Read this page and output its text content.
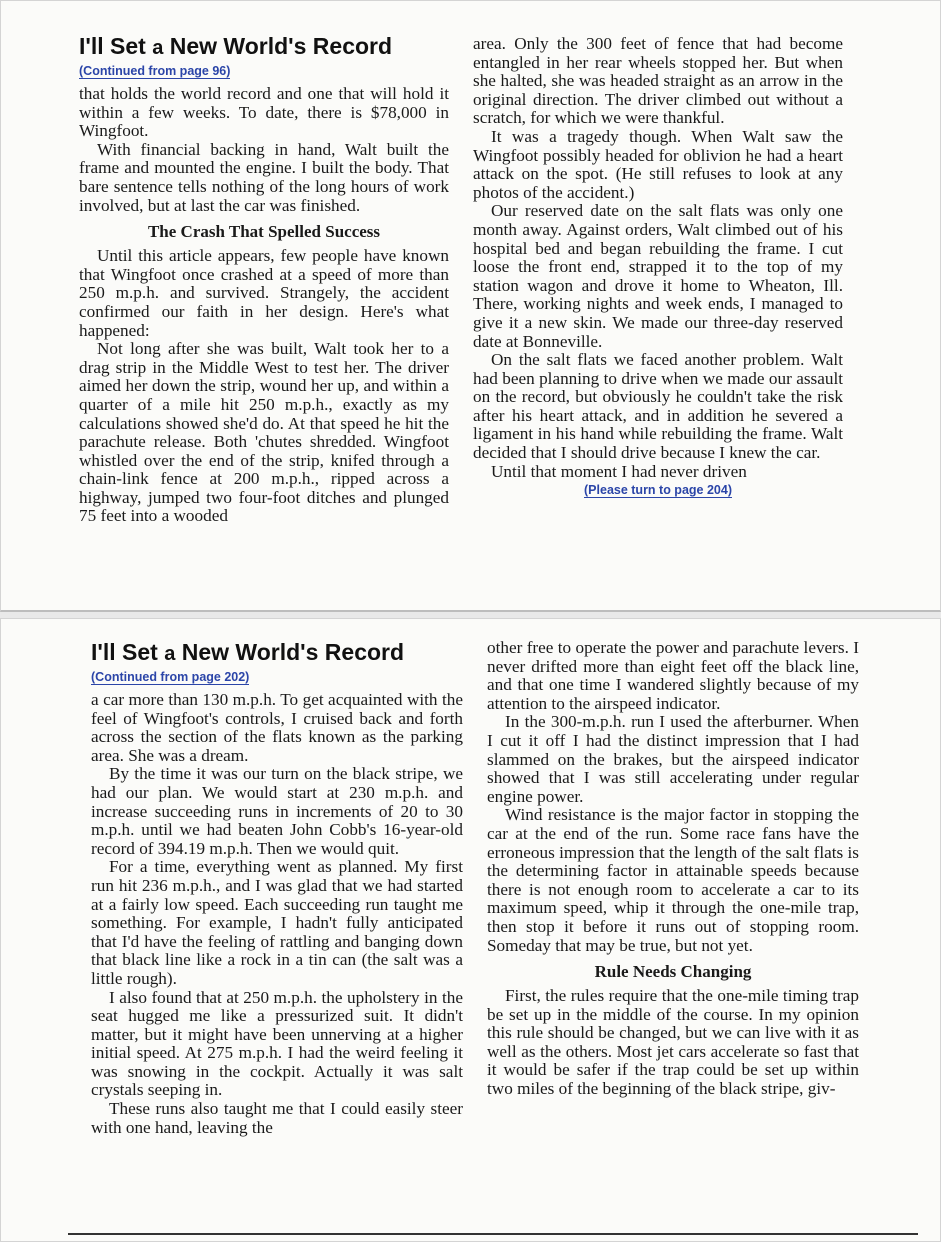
I'll Set a New World's Record
(Continued from page 96)

that holds the world record and one that will hold it within a few weeks. To date, there is $78,000 in Wingfoot.

With financial backing in hand, Walt built the frame and mounted the engine. I built the body. That bare sentence tells nothing of the long hours of work involved, but at last the car was finished.

The Crash That Spelled Success

Until this article appears, few people have known that Wingfoot once crashed at a speed of more than 250 m.p.h. and survived. Strangely, the accident confirmed our faith in her design. Here's what happened:

Not long after she was built, Walt took her to a drag strip in the Middle West to test her. The driver aimed her down the strip, wound her up, and within a quarter of a mile hit 250 m.p.h., exactly as my calculations showed she'd do. At that speed he hit the parachute release. Both 'chutes shredded. Wingfoot whistled over the end of the strip, knifed through a chain-link fence at 200 m.p.h., ripped across a highway, jumped two four-foot ditches and plunged 75 feet into a wooded

area. Only the 300 feet of fence that had become entangled in her rear wheels stopped her. But when she halted, she was headed straight as an arrow in the original direction. The driver climbed out without a scratch, for which we were thankful.

It was a tragedy though. When Walt saw the Wingfoot possibly headed for oblivion he had a heart attack on the spot. (He still refuses to look at any photos of the accident.)

Our reserved date on the salt flats was only one month away. Against orders, Walt climbed out of his hospital bed and began rebuilding the frame. I cut loose the front end, strapped it to the top of my station wagon and drove it home to Wheaton, Ill. There, working nights and week ends, I managed to give it a new skin. We made our three-day reserved date at Bonneville.

On the salt flats we faced another problem. Walt had been planning to drive when we made our assault on the record, but obviously he couldn't take the risk after his heart attack, and in addition he severed a ligament in his hand while rebuilding the frame. Walt decided that I should drive because I knew the car.

Until that moment I had never driven

(Please turn to page 204)
I'll Set a New World's Record
(Continued from page 202)

a car more than 130 m.p.h. To get acquainted with the feel of Wingfoot's controls, I cruised back and forth across the section of the flats known as the parking area. She was a dream.

By the time it was our turn on the black stripe, we had our plan. We would start at 230 m.p.h. and increase succeeding runs in increments of 20 to 30 m.p.h. until we had beaten John Cobb's 16-year-old record of 394.19 m.p.h. Then we would quit.

For a time, everything went as planned. My first run hit 236 m.p.h., and I was glad that we had started at a fairly low speed. Each succeeding run taught me something. For example, I hadn't fully anticipated that I'd have the feeling of rattling and banging down that black line like a rock in a tin can (the salt was a little rough).

I also found that at 250 m.p.h. the upholstery in the seat hugged me like a pressurized suit. It didn't matter, but it might have been unnerving at a higher initial speed. At 275 m.p.h. I had the weird feeling it was snowing in the cockpit. Actually it was salt crystals seeping in.

These runs also taught me that I could easily steer with one hand, leaving the

other free to operate the power and parachute levers. I never drifted more than eight feet off the black line, and that one time I wandered slightly because of my attention to the airspeed indicator.

In the 300-m.p.h. run I used the afterburner. When I cut it off I had the distinct impression that I had slammed on the brakes, but the airspeed indicator showed that I was still accelerating under regular engine power.

Wind resistance is the major factor in stopping the car at the end of the run. Some race fans have the erroneous impression that the length of the salt flats is the determining factor in attainable speeds because there is not enough room to accelerate a car to its maximum speed, whip it through the one-mile trap, then stop it before it runs out of stopping room. Someday that may be true, but not yet.

Rule Needs Changing

First, the rules require that the one-mile timing trap be set up in the middle of the course. In my opinion this rule should be changed, but we can live with it as well as the others. Most jet cars accelerate so fast that it would be safer if the trap could be set up within two miles of the beginning of the black stripe, giv-
